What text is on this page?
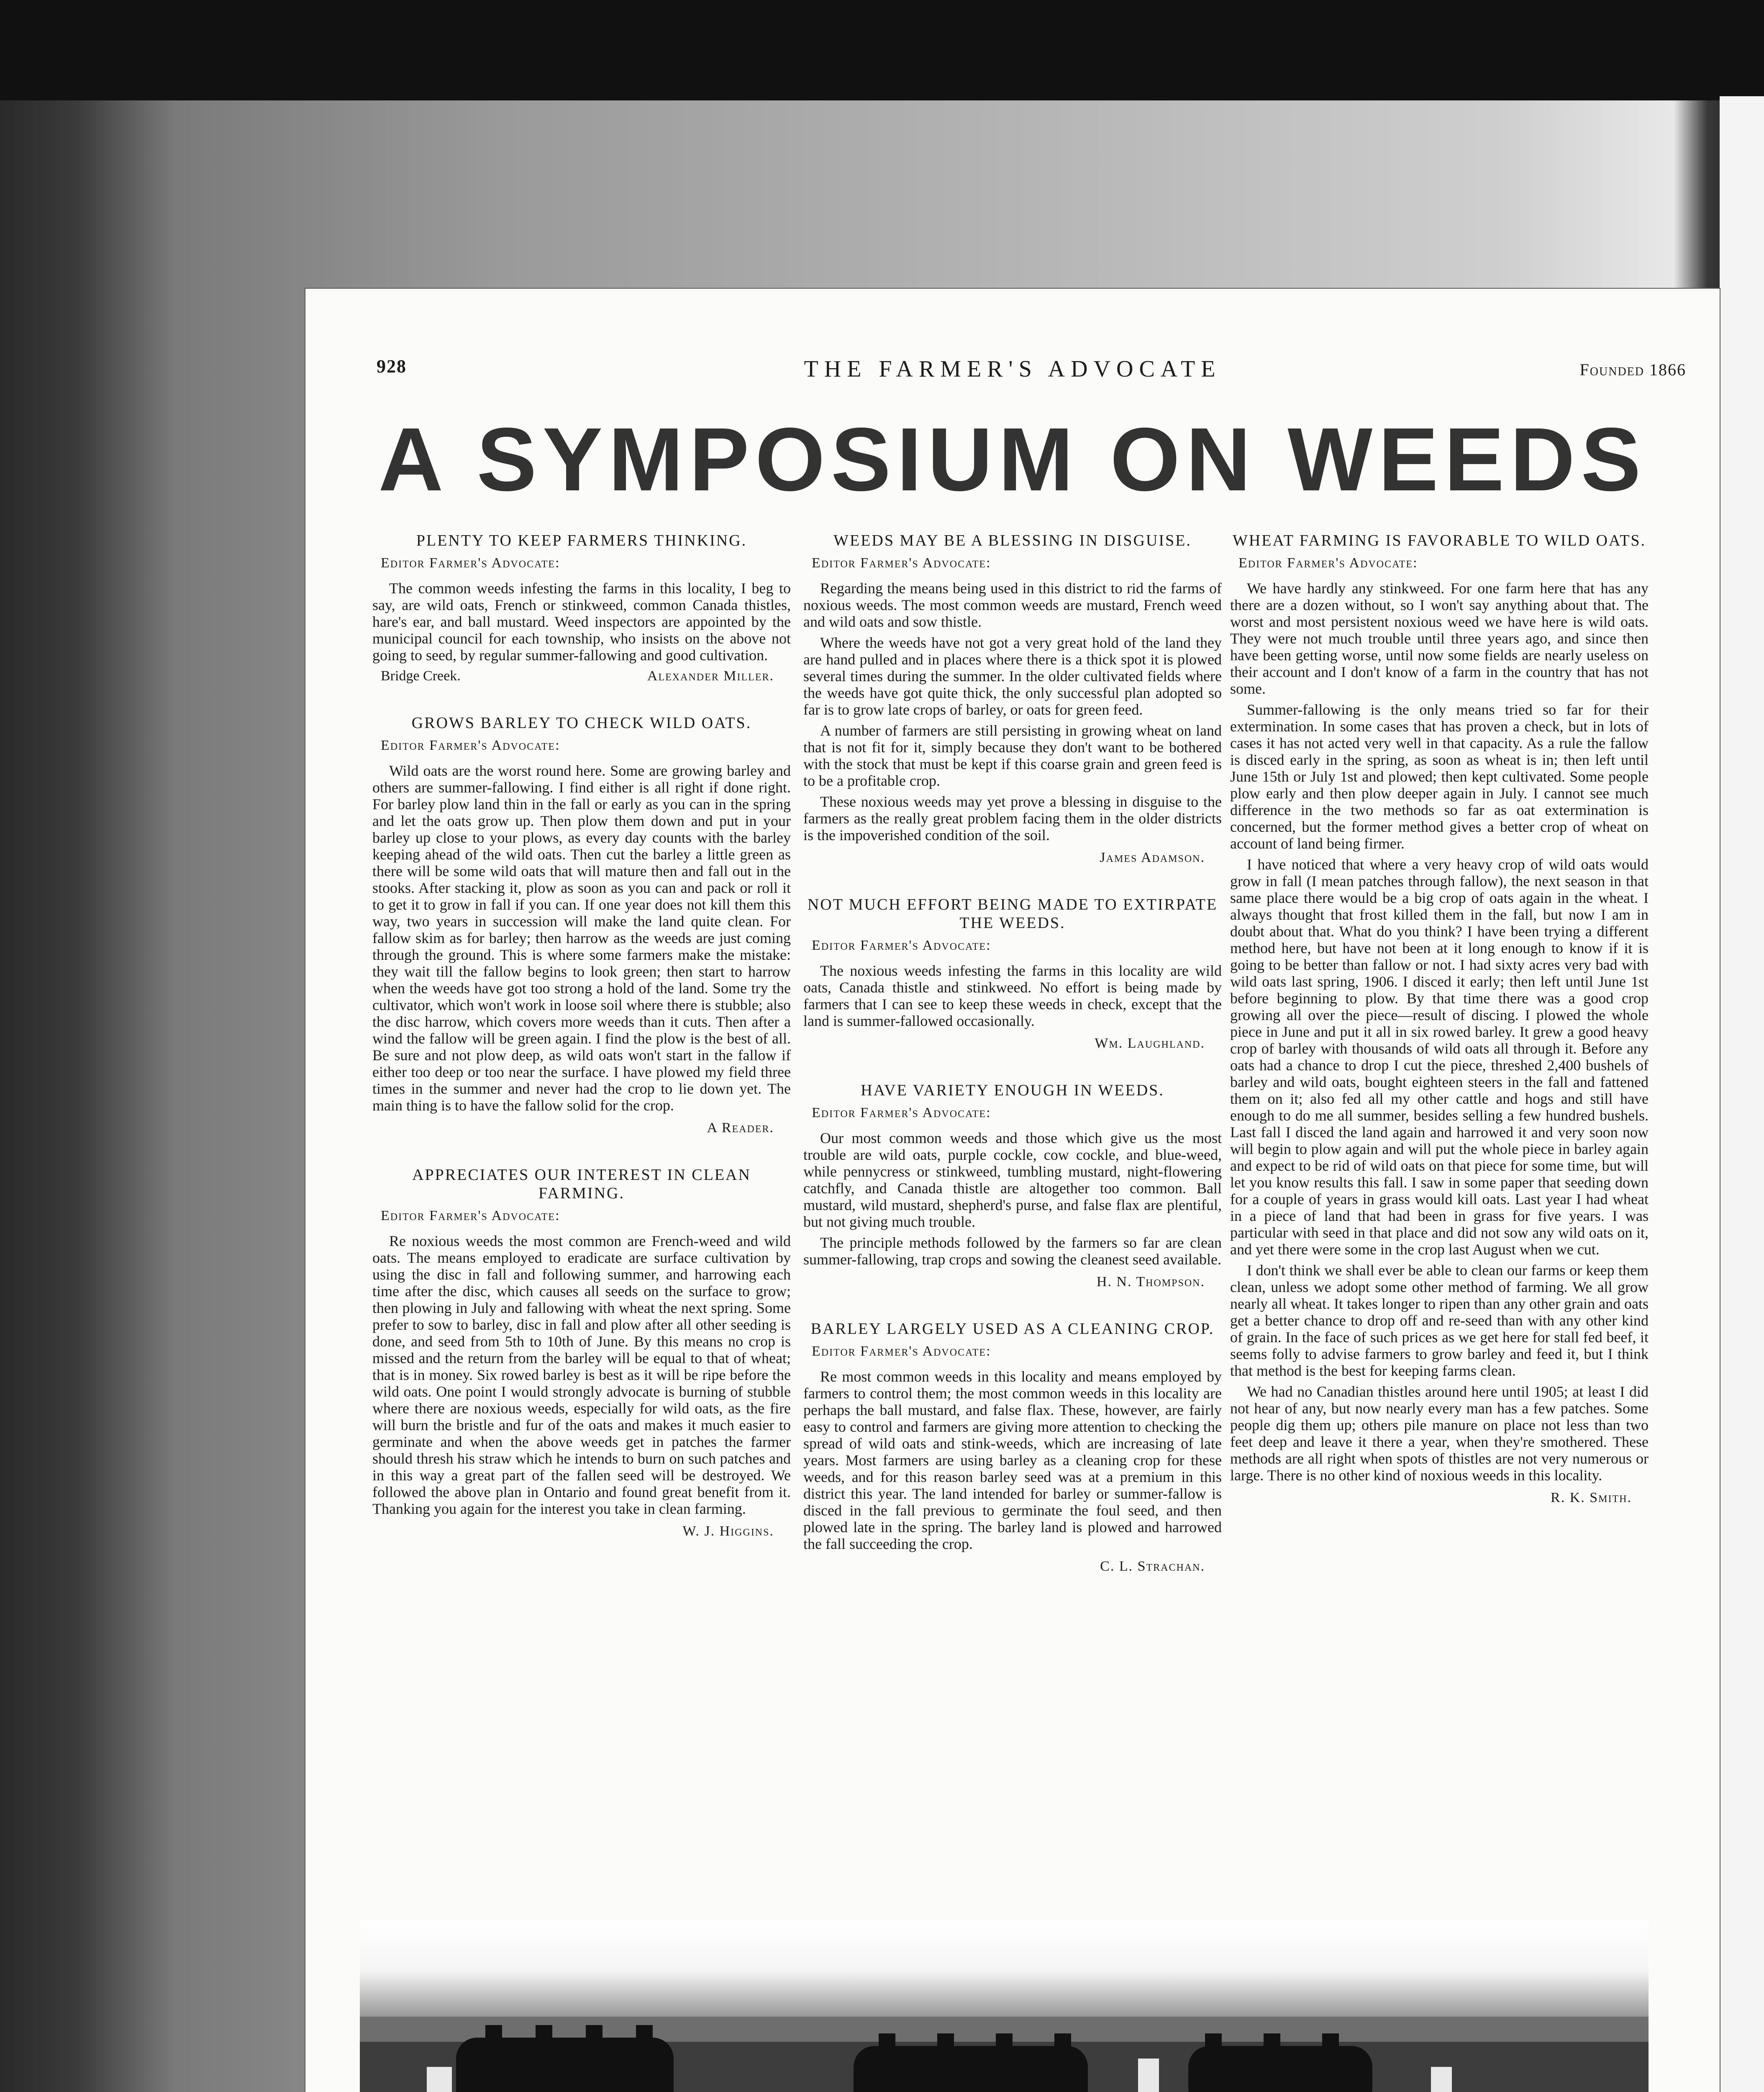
928	THE FARMER'S ADVOCATE	Founded 1866
A SYMPOSIUM ON WEEDS
PLENTY TO KEEP FARMERS THINKING.
Editor Farmer's Advocate:

The common weeds infesting the farms in this locality, I beg to say, are wild oats, French or stinkweed, common Canada thistles, hare's ear, and ball mustard. Weed inspectors are appointed by the municipal council for each township, who insists on the above not going to seed, by regular summer-fallowing and good cultivation.

Bridge Creek.	Alexander Miller.
GROWS BARLEY TO CHECK WILD OATS.
Editor Farmer's Advocate:

Wild oats are the worst round here. Some are growing barley and others are summer-fallowing. I find either is all right if done right. For barley plow land thin in the fall or early as you can in the spring and let the oats grow up. Then plow them down and put in your barley up close to your plows, as every day counts with the barley keeping ahead of the wild oats. Then cut the barley a little green as there will be some wild oats that will mature then and fall out in the stooks. After stacking it, plow as soon as you can and pack or roll it to get it to grow in fall if you can. If one year does not kill them this way, two years in succession will make the land quite clean. For fallow skim as for barley; then harrow as the weeds are just coming through the ground. This is where some farmers make the mistake: they wait till the fallow begins to look green; then start to harrow when the weeds have got too strong a hold of the land. Some try the cultivator, which won't work in loose soil where there is stubble; also the disc harrow, which covers more weeds than it cuts. Then after a wind the fallow will be green again. I find the plow is the best of all. Be sure and not plow deep, as wild oats won't start in the fallow if either too deep or too near the surface. I have plowed my field three times in the summer and never had the crop to lie down yet. The main thing is to have the fallow solid for the crop.

A Reader.
APPRECIATES OUR INTEREST IN CLEAN FARMING.
Editor Farmer's Advocate:

Re noxious weeds the most common are French-weed and wild oats. The means employed to eradicate are surface cultivation by using the disc in fall and following summer, and harrowing each time after the disc, which causes all seeds on the surface to grow; then plowing in July and fallowing with wheat the next spring. Some prefer to sow to barley, disc in fall and plow after all other seeding is done, and seed from 5th to 10th of June. By this means no crop is missed and the return from the barley will be equal to that of wheat; that is in money. Six rowed barley is best as it will be ripe before the wild oats. One point I would strongly advocate is burning of stubble where there are noxious weeds, especially for wild oats, as the fire will burn the bristle and fur of the oats and makes it much easier to germinate and when the above weeds get in patches the farmer should thresh his straw which he intends to burn on such patches and in this way a great part of the fallen seed will be destroyed. We followed the above plan in Ontario and found great benefit from it. Thanking you again for the interest you take in clean farming.

W. J. Higgins.
WEEDS MAY BE A BLESSING IN DISGUISE.
Editor Farmer's Advocate:

Regarding the means being used in this district to rid the farms of noxious weeds. The most common weeds are mustard, French weed and wild oats and sow thistle.

Where the weeds have not got a very great hold of the land they are hand pulled and in places where there is a thick spot it is plowed several times during the summer. In the older cultivated fields where the weeds have got quite thick, the only successful plan adopted so far is to grow late crops of barley, or oats for green feed.

A number of farmers are still persisting in growing wheat on land that is not fit for it, simply because they don't want to be bothered with the stock that must be kept if this coarse grain and green feed is to be a profitable crop.

These noxious weeds may yet prove a blessing in disguise to the farmers as the really great problem facing them in the older districts is the impoverished condition of the soil.

James Adamson.
NOT MUCH EFFORT BEING MADE TO EXTIRPATE THE WEEDS.
Editor Farmer's Advocate:

The noxious weeds infesting the farms in this locality are wild oats, Canada thistle and stinkweed. No effort is being made by farmers that I can see to keep these weeds in check, except that the land is summer-fallowed occasionally.

Wm. Laughland.
HAVE VARIETY ENOUGH IN WEEDS.
Editor Farmer's Advocate:

Our most common weeds and those which give us the most trouble are wild oats, purple cockle, cow cockle, and blue-weed, while pennycress or stinkweed, tumbling mustard, night-flowering catchfly, and Canada thistle are altogether too common. Ball mustard, wild mustard, shepherd's purse, and false flax are plentiful, but not giving much trouble.

The principle methods followed by the farmers so far are clean summer-fallowing, trap crops and sowing the cleanest seed available.

H. N. Thompson.
BARLEY LARGELY USED AS A CLEANING CROP.
Editor Farmer's Advocate:

Re most common weeds in this locality and means employed by farmers to control them; the most common weeds in this locality are perhaps the ball mustard, and false flax. These, however, are fairly easy to control and farmers are giving more attention to checking the spread of wild oats and stink-weeds, which are increasing of late years. Most farmers are using barley as a cleaning crop for these weeds, and for this reason barley seed was at a premium in this district this year. The land intended for barley or summer-fallow is disced in the fall previous to germinate the foul seed, and then plowed late in the spring. The barley land is plowed and harrowed the fall succeeding the crop.

C. L. Strachan.
WHEAT FARMING IS FAVORABLE TO WILD OATS.
Editor Farmer's Advocate:

We have hardly any stinkweed. For one farm here that has any there are a dozen without, so I won't say anything about that. The worst and most persistent noxious weed we have here is wild oats. They were not much trouble until three years ago, and since then have been getting worse, until now some fields are nearly useless on their account and I don't know of a farm in the country that has not some.

Summer-fallowing is the only means tried so far for their extermination. In some cases that has proven a check, but in lots of cases it has not acted very well in that capacity. As a rule the fallow is disced early in the spring, as soon as wheat is in; then left until June 15th or July 1st and plowed; then kept cultivated. Some people plow early and then plow deeper again in July. I cannot see much difference in the two methods so far as oat extermination is concerned, but the former method gives a better crop of wheat on account of land being firmer.

I have noticed that where a very heavy crop of wild oats would grow in fall (I mean patches through fallow), the next season in that same place there would be a big crop of oats again in the wheat. I always thought that frost killed them in the fall, but now I am in doubt about that. What do you think? I have been trying a different method here, but have not been at it long enough to know if it is going to be better than fallow or not. I had sixty acres very bad with wild oats last spring, 1906. I disced it early; then left until June 1st before beginning to plow. By that time there was a good crop growing all over the piece—result of discing. I plowed the whole piece in June and put it all in six rowed barley. It grew a good heavy crop of barley with thousands of wild oats all through it. Before any oats had a chance to drop I cut the piece, threshed 2,400 bushels of barley and wild oats, bought eighteen steers in the fall and fattened them on it; also fed all my other cattle and hogs and still have enough to do me all summer, besides selling a few hundred bushels. Last fall I disced the land again and harrowed it and very soon now will begin to plow again and will put the whole piece in barley again and expect to be rid of wild oats on that piece for some time, but will let you know results this fall. I saw in some paper that seeding down for a couple of years in grass would kill oats. Last year I had wheat in a piece of land that had been in grass for five years. I was particular with seed in that place and did not sow any wild oats on it, and yet there were some in the crop last August when we cut.

I don't think we shall ever be able to clean our farms or keep them clean, unless we adopt some other method of farming. We all grow nearly all wheat. It takes longer to ripen than any other grain and oats get a better chance to drop off and re-seed than with any other kind of grain. In the face of such prices as we get here for stall fed beef, it seems folly to advise farmers to grow barley and feed it, but I think that method is the best for keeping farms clean.

We had no Canadian thistles around here until 1905; at least I did not hear of any, but now nearly every man has a few patches. Some people dig them up; others pile manure on place not less than two feet deep and leave it there a year, when they're smothered. These methods are all right when spots of thistles are not very numerous or large. There is no other kind of noxious weeds in this locality.

R. K. Smith.
